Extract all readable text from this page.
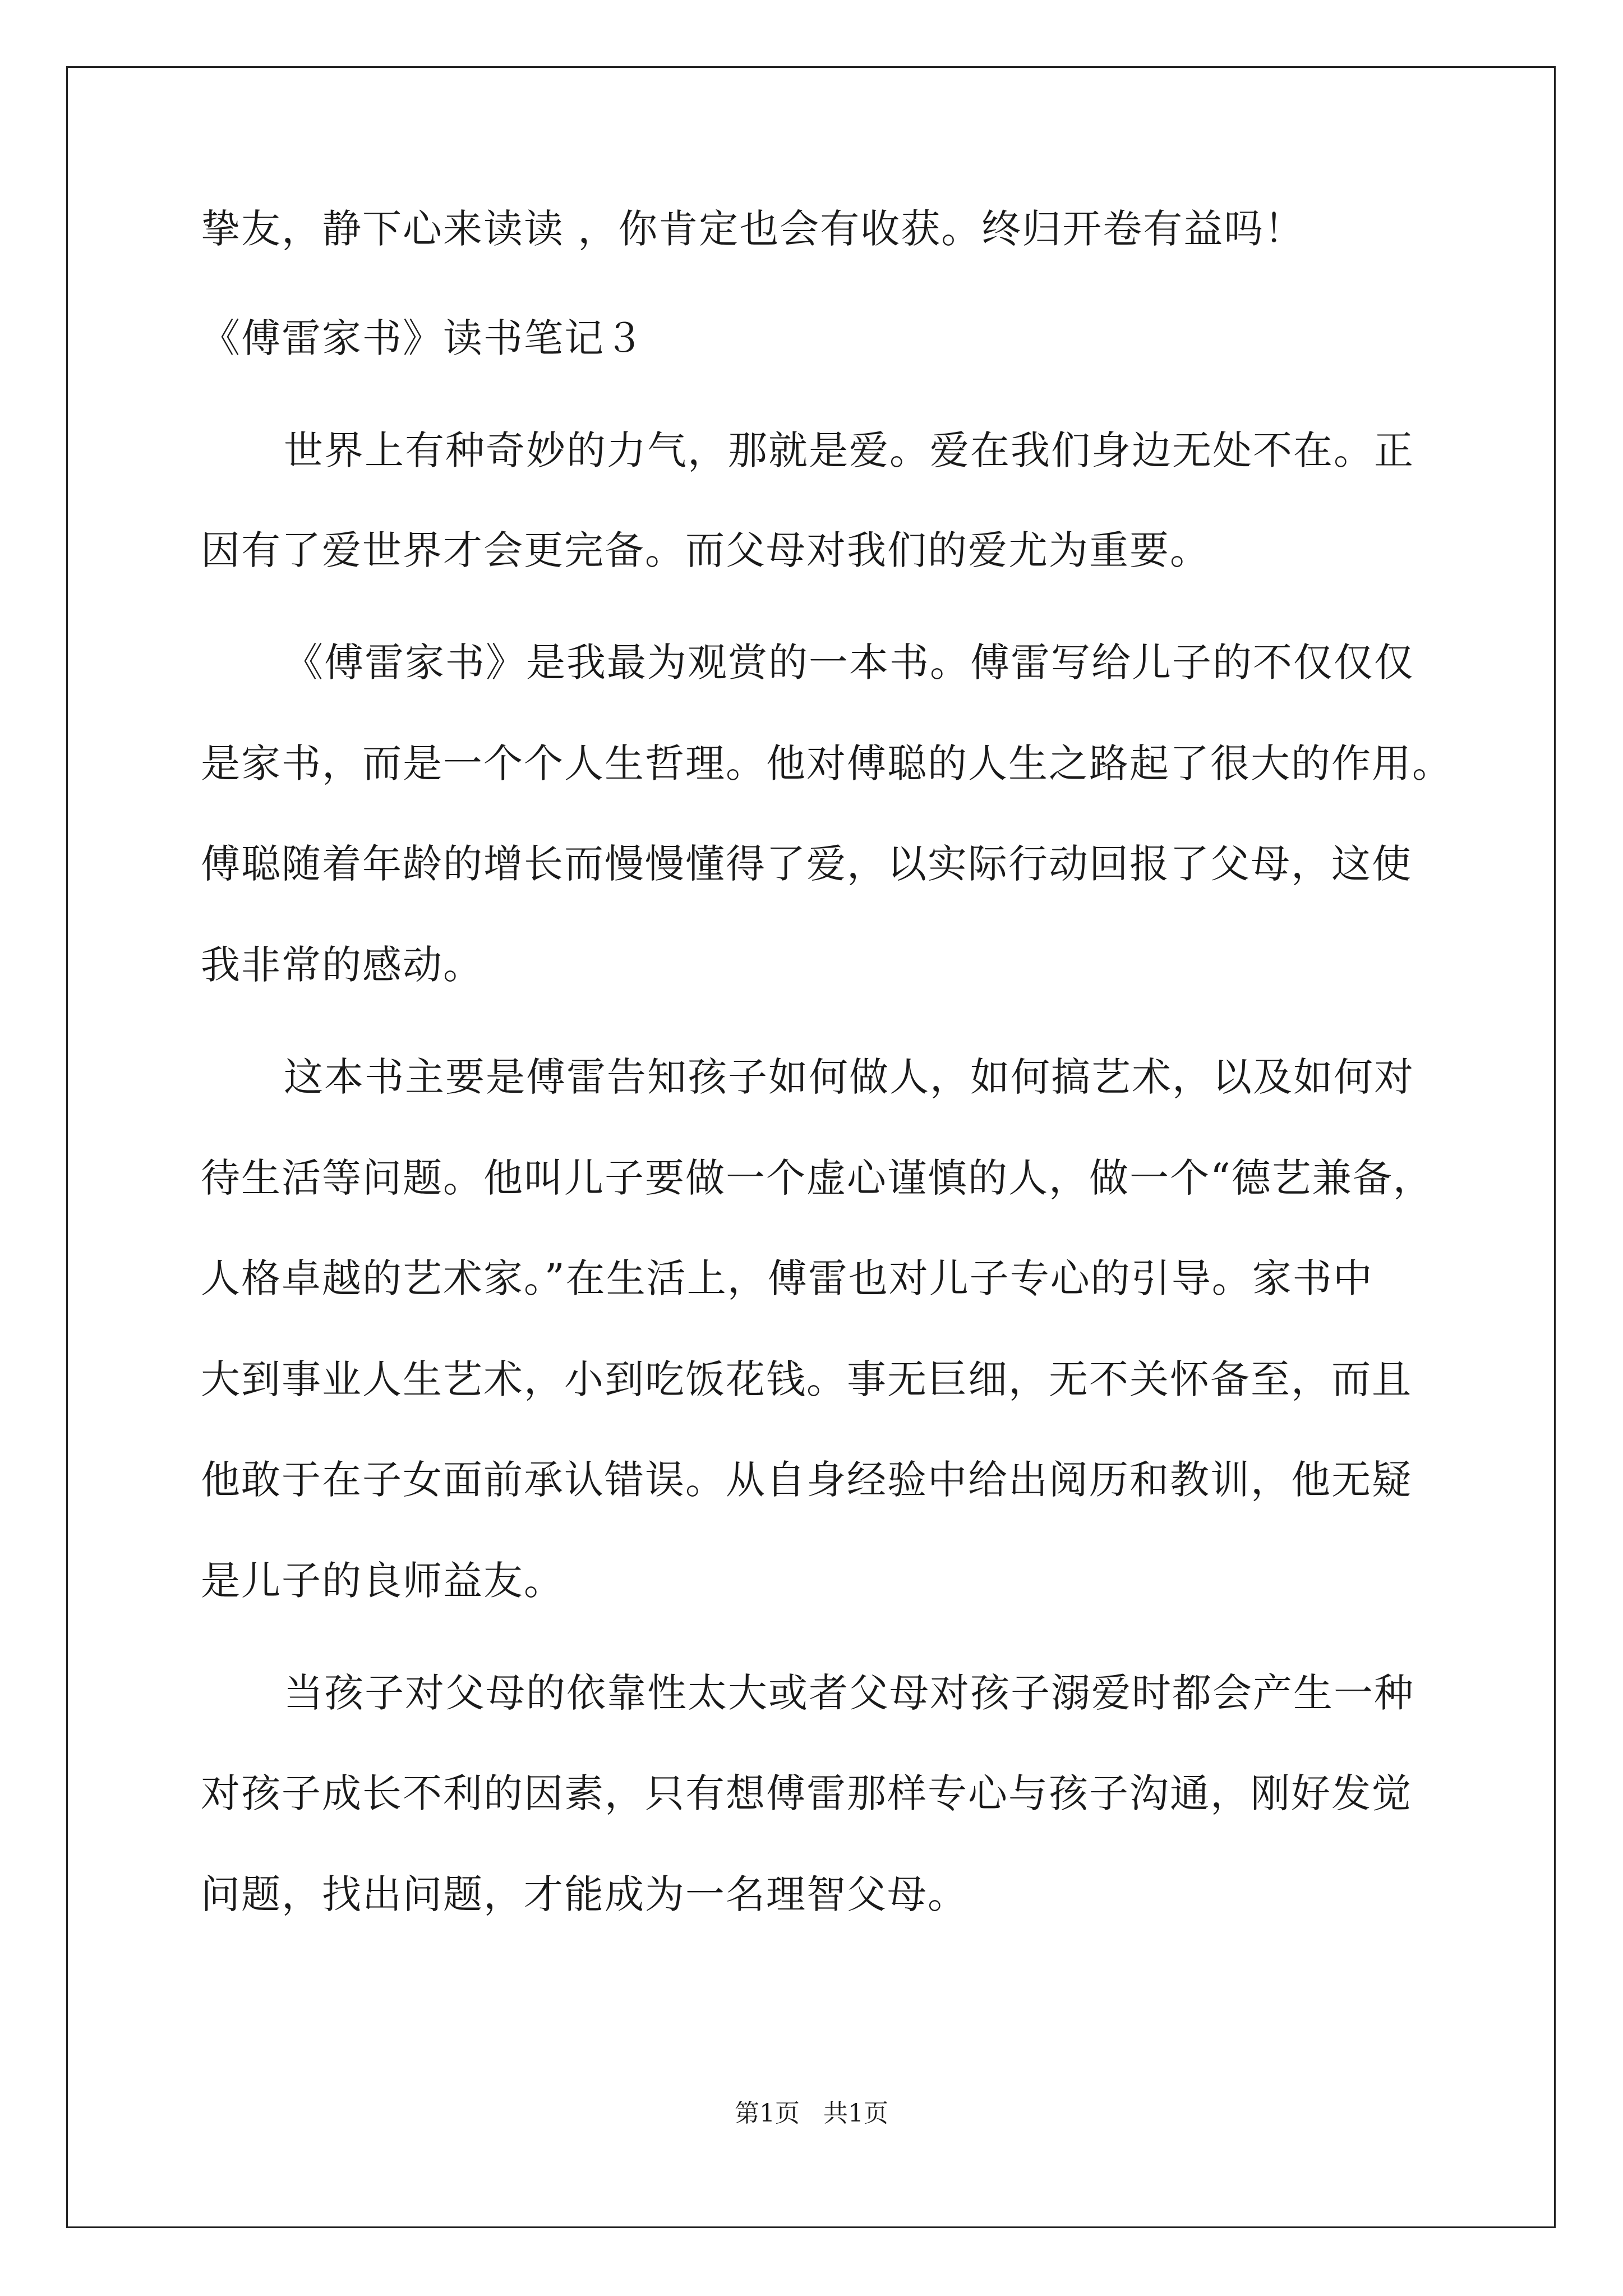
挚友，静下心来读读 ，你肯定也会有收获。终归开卷有益吗！
《傅雷家书》读书笔记３
世界上有种奇妙的力气，那就是爱。爱在我们身边无处不在。正
因有了爱世界才会更完备。而父母对我们的爱尤为重要。
《傅雷家书》是我最为观赏的一本书。傅雷写给儿子的不仅仅仅
是家书，而是一个个人生哲理。他对傅聪的人生之路起了很大的作用。
傅聪随着年龄的增长而慢慢懂得了爱，以实际行动回报了父母，这使
我非常的感动。
这本书主要是傅雷告知孩子如何做人，如何搞艺术，以及如何对
待生活等问题。他叫儿子要做一个虚心谨慎的人，做一个“德艺兼备，
人格卓越的艺术家。”在生活上，傅雷也对儿子专心的引导。家书中
大到事业人生艺术，小到吃饭花钱。事无巨细，无不关怀备至，而且
他敢于在子女面前承认错误。从自身经验中给出阅历和教训，他无疑
是儿子的良师益友。
当孩子对父母的依靠性太大或者父母对孩子溺爱时都会产生一种
对孩子成长不利的因素，只有想傅雷那样专心与孩子沟通，刚好发觉
问题，找出问题，才能成为一名理智父母。
第1页   共1页
